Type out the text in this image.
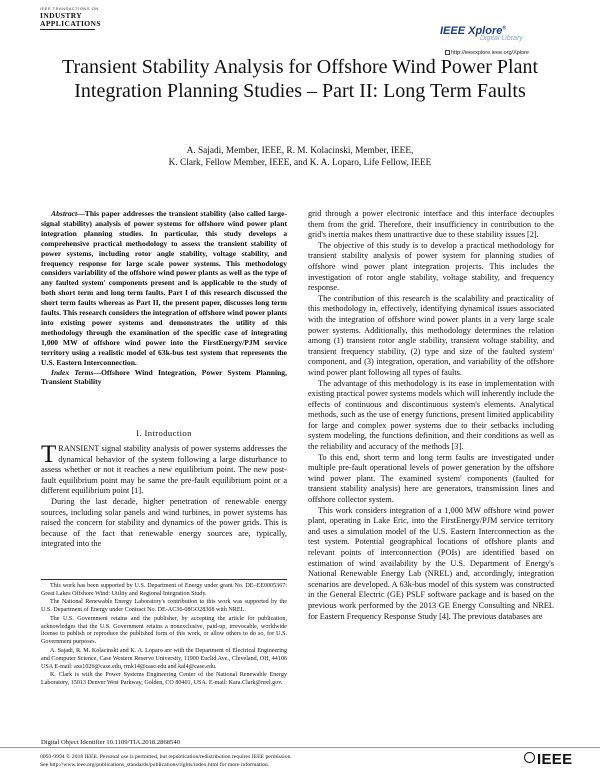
IEEE TRANSACTIONS ON
INDUSTRY
APPLICATIONS
IEEE Xplore®
Digital Library
http://ieeexplore.ieee.org/Xplore
Transient Stability Analysis for Offshore Wind Power Plant Integration Planning Studies – Part II: Long Term Faults
A. Sajadi, Member, IEEE, R. M. Kolacinski, Member, IEEE,
K. Clark, Fellow Member, IEEE, and K. A. Loparo, Life Fellow, IEEE

Abstract—This paper addresses the transient stability (also called large-signal stability) analysis of power systems for offshore wind power plant integration planning studies. In particular, this study develops a comprehensive practical methodology to assess the transient stability of power systems, including rotor angle stability, voltage stability, and frequency response for large scale power systems. This methodology considers variability of the offshore wind power plants as well as the type of any faulted system' components present and is applicable to the study of both short term and long term faults. Part I of this research discussed the short term faults whereas as Part II, the present paper, discusses long term faults. This research considers the integration of offshore wind power plants into existing power systems and demonstrates the utility of this methodology through the examination of the specific case of integrating 1,000 MW of offshore wind power into the FirstEnergy/PJM service territory using a realistic model of 63k-bus test system that represents the U.S. Eastern Interconnection.

Index Terms—Offshore Wind Integration, Power System Planning, Transient Stability

I. Introduction

TRANSIENT signal stability analysis of power systems addresses the dynamical behavior of the system following a large disturbance to assess whether or not it reaches a new equilibrium point. The new post-fault equilibrium point may be same the pre-fault equilibrium point or a different equilibrium point [1].

During the last decade, higher penetration of renewable energy sources, including solar panels and wind turbines, in power systems has raised the concern for stability and dynamics of the power grids. This is because of the fact that renewable energy sources are, typically, integrated into the

This work has been supported by U.S. Department of Energy under grant No. DE–EE0005367: Great Lakes Offshore Wind: Utility and Regional Integration Study.

The National Renewable Energy Laboratory's contribution to this work was supported by the U.S. Department of Energy under Contract No. DE-AC36-08GO28308 with NREL.

The U.S. Government retains and the publisher, by accepting the article for publication, acknowledges that the U.S. Government retains a nonexclusive, paid-up, irrevocable, worldwide license to publish or reproduce the published form of this work, or allow others to do so, for U.S. Government purposes.

A. Sajadi, R. M. Kolacinski and K. A. Loparo are with the Department of Electrical Engineering and Computer Science, Case Western Reserve University, 11900 Euclid Ave., Cleveland, OH, 44106 USA E-mail: axs1026@case.edu, rmk14@case.edu and kal4@case.edu.

K. Clark is with the Power Systems Engineering Center of the National Renewable Energy Laboratory, 15013 Denver West Parkway, Golden, CO 80401, USA. E-mail: Kara.Clark@nrel.gov.

Digital Object Identifier 10.1109/TIA.2018.2868540

grid through a power electronic interface and this interface decouples them from the grid. Therefore, their insufficiency in contribution to the grid's inertia makes them unattractive due to these stability issues [2].

The objective of this study is to develop a practical methodology for transient stability analysis of power system for planning studies of offshore wind power plant integration projects. This includes the investigation of rotor angle stability, voltage stability, and frequency response.

The contribution of this research is the scalability and practicality of this methodology in, effectively, identifying dynamical issues associated with the integration of offshore wind power plants in a very large scale power systems. Additionally, this methodology determines the relation among (1) transient rotor angle stability, transient voltage stability, and transient frequency stability, (2) type and size of the faulted system' component, and (3) integration, operation, and variability of the offshore wind power plant following all types of faults.

The advantage of this methodology is its ease in implementation with existing practical power systems models which will inherently include the effects of continuous and discontinuous system's elements. Analytical methods, such as the use of energy functions, present limited applicability for large and complex power systems due to their setbacks including system modeling, the functions definition, and their conditions as well as the reliability and accuracy of the methods [3].

To this end, short term and long term faults are investigated under multiple pre-fault operational levels of power generation by the offshore wind power plant. The examined system' components (faulted for transient stability analysis) here are generators, transmission lines and offshore collector system.

This work considers integration of a 1,000 MW offshore wind power plant, operating in Lake Eric, into the FirstEnergy/PJM service territory and uses a simulation model of the U.S. Eastern Interconnection as the test system. Potential geographical locations of offshore plants and relevant points of interconnection (POIs) are identified based on estimation of wind availability by the U.S. Department of Energy's National Renewable Energy Lab (NREL) and, accordingly, integration scenarios are developed. A 63k-bus model of this system was constructed in the General Electric (GE) PSLF software package and is based on the previous work performed by the 2013 GE Energy Consulting and NREL for Eastern Frequency Response Study [4]. The previous databases are

0093-9994 © 2018 IEEE. Personal use is permitted, but republication/redistribution requires IEEE permission.
See http://www.ieee.org/publications_standards/publications/rights/index.html for more information.	IEEE
